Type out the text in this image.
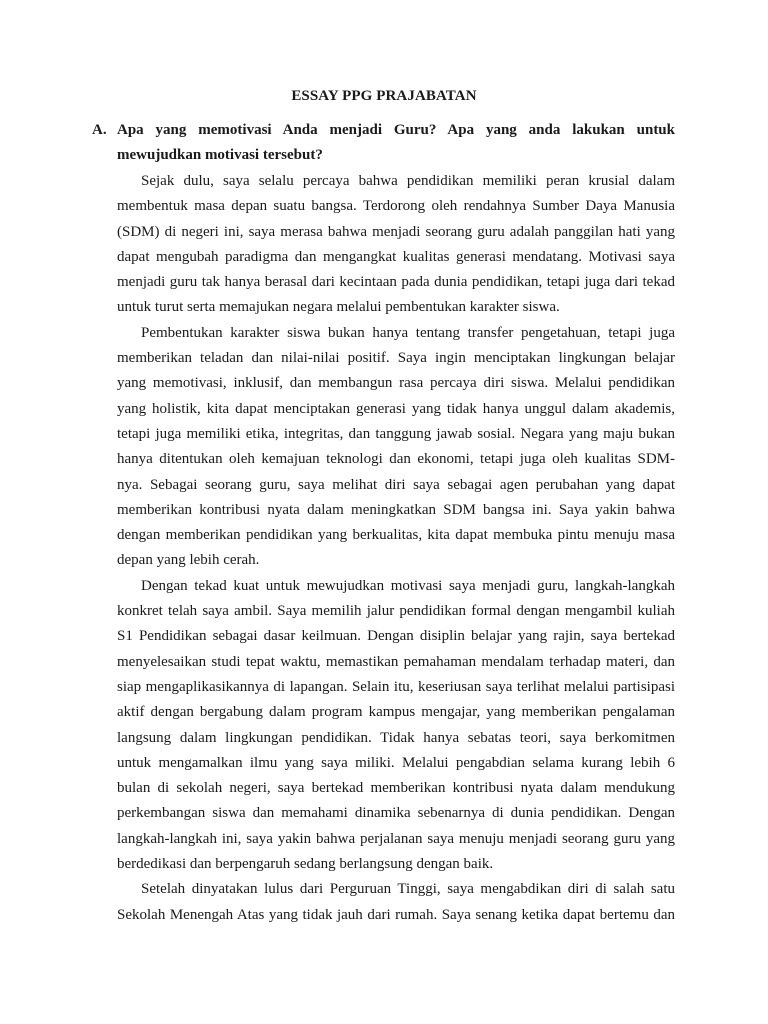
ESSAY PPG PRAJABATAN
A. Apa yang memotivasi Anda menjadi Guru? Apa yang anda lakukan untuk
mewujudkan motivasi tersebut?
Sejak dulu, saya selalu percaya bahwa pendidikan memiliki peran krusial dalam
membentuk masa depan suatu bangsa. Terdorong oleh rendahnya Sumber Daya Manusia
(SDM) di negeri ini, saya merasa bahwa menjadi seorang guru adalah panggilan hati yang
dapat mengubah paradigma dan mengangkat kualitas generasi mendatang. Motivasi saya
menjadi guru tak hanya berasal dari kecintaan pada dunia pendidikan, tetapi juga dari tekad
untuk turut serta memajukan negara melalui pembentukan karakter siswa.
Pembentukan karakter siswa bukan hanya tentang transfer pengetahuan, tetapi juga
memberikan teladan dan nilai-nilai positif. Saya ingin menciptakan lingkungan belajar
yang memotivasi, inklusif, dan membangun rasa percaya diri siswa. Melalui pendidikan
yang holistik, kita dapat menciptakan generasi yang tidak hanya unggul dalam akademis,
tetapi juga memiliki etika, integritas, dan tanggung jawab sosial. Negara yang maju bukan
hanya ditentukan oleh kemajuan teknologi dan ekonomi, tetapi juga oleh kualitas SDM-
nya. Sebagai seorang guru, saya melihat diri saya sebagai agen perubahan yang dapat
memberikan kontribusi nyata dalam meningkatkan SDM bangsa ini. Saya yakin bahwa
dengan memberikan pendidikan yang berkualitas, kita dapat membuka pintu menuju masa
depan yang lebih cerah.
Dengan tekad kuat untuk mewujudkan motivasi saya menjadi guru, langkah-langkah
konkret telah saya ambil. Saya memilih jalur pendidikan formal dengan mengambil kuliah
S1 Pendidikan sebagai dasar keilmuan. Dengan disiplin belajar yang rajin, saya bertekad
menyelesaikan studi tepat waktu, memastikan pemahaman mendalam terhadap materi, dan
siap mengaplikasikannya di lapangan. Selain itu, keseriusan saya terlihat melalui partisipasi
aktif dengan bergabung dalam program kampus mengajar, yang memberikan pengalaman
langsung dalam lingkungan pendidikan. Tidak hanya sebatas teori, saya berkomitmen
untuk mengamalkan ilmu yang saya miliki. Melalui pengabdian selama kurang lebih 6
bulan di sekolah negeri, saya bertekad memberikan kontribusi nyata dalam mendukung
perkembangan siswa dan memahami dinamika sebenarnya di dunia pendidikan. Dengan
langkah-langkah ini, saya yakin bahwa perjalanan saya menuju menjadi seorang guru yang
berdedikasi dan berpengaruh sedang berlangsung dengan baik.
Setelah dinyatakan lulus dari Perguruan Tinggi, saya mengabdikan diri di salah satu
Sekolah Menengah Atas yang tidak jauh dari rumah. Saya senang ketika dapat bertemu dan
